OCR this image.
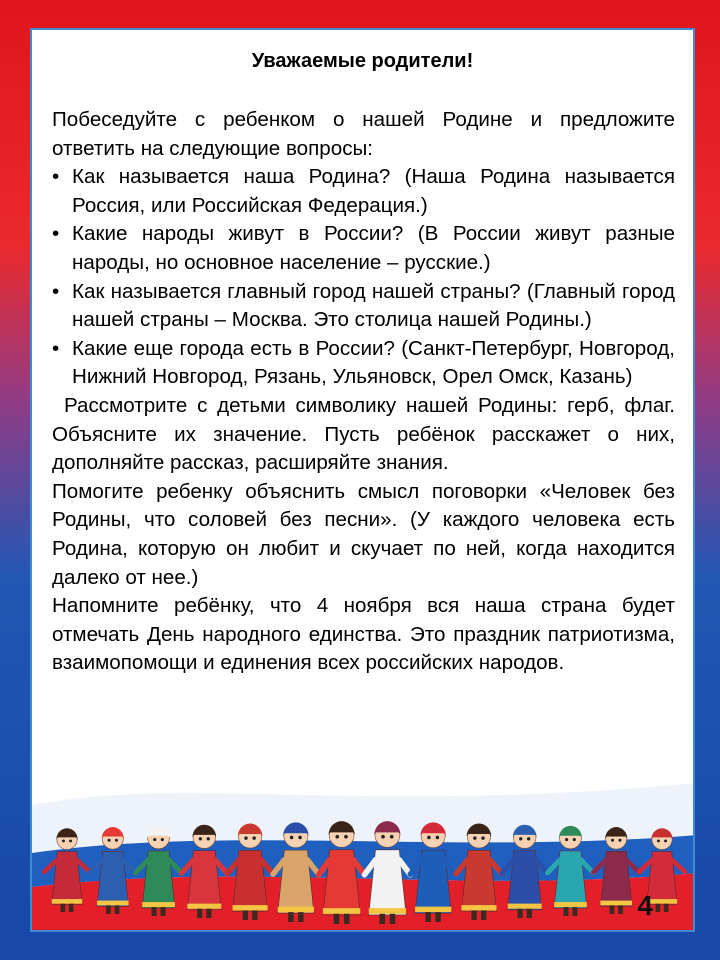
Уважаемые родители!

Побеседуйте с ребенком о нашей Родине и предложите ответить на следующие вопросы:

• Как называется наша Родина? (Наша Родина называется Россия, или Российская Федерация.)
• Какие народы живут в России? (В России живут разные народы, но основное население – русские.)
• Как называется главный город нашей страны? (Главный город нашей страны – Москва. Это столица нашей Родины.)
• Какие еще города есть в России? (Санкт-Петербург, Новгород, Нижний Новгород, Рязань, Ульяновск, Орел Омск, Казань)

Рассмотрите с детьми символику нашей Родины: герб, флаг. Объясните их значение. Пусть ребёнок расскажет о них, дополняйте рассказ, расширяйте знания.

Помогите ребенку объяснить смысл поговорки «Человек без Родины, что соловей без песни». (У каждого человека есть Родина, которую он любит и скучает по ней, когда находится далеко от нее.)

Напомните ребёнку, что 4 ноября вся наша страна будет отмечать День народного единства. Это праздник патриотизма, взаимопомощи и единения всех российских народов.

4
